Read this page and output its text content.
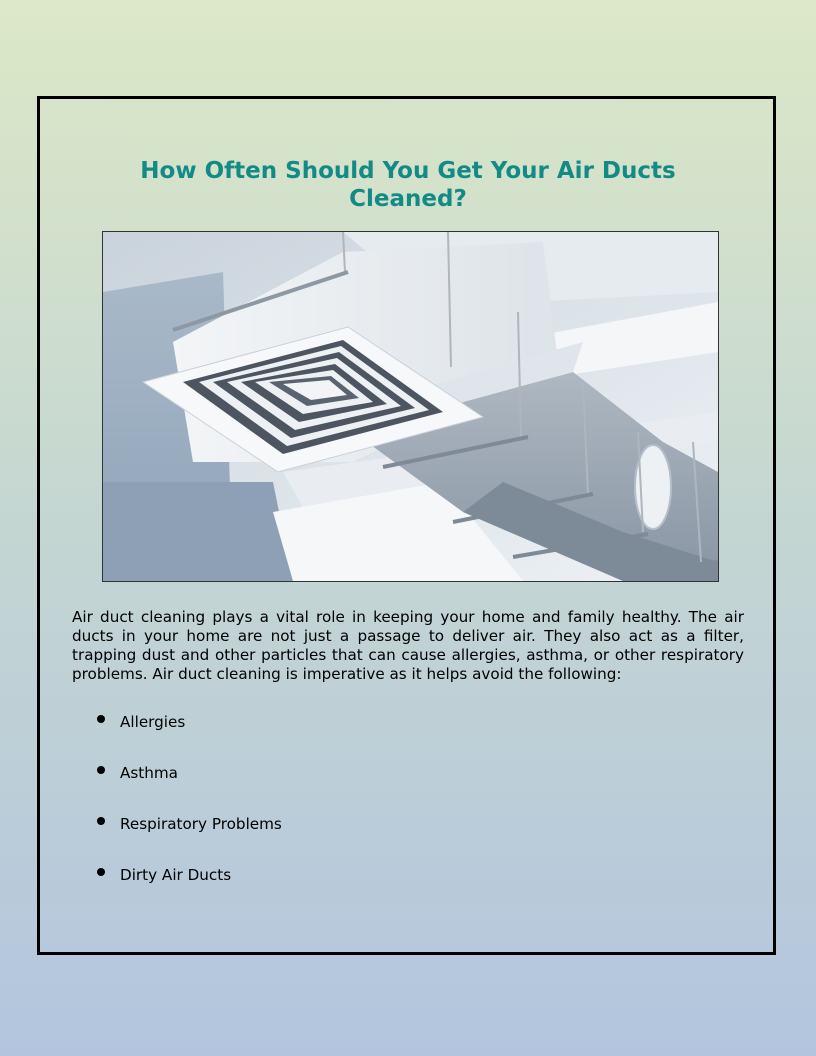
How Often Should You Get Your Air Ducts Cleaned?

Air duct cleaning plays a vital role in keeping your home and family healthy. The air ducts in your home are not just a passage to deliver air. They also act as a filter, trapping dust and other particles that can cause allergies, asthma, or other respiratory problems. Air duct cleaning is imperative as it helps avoid the following:

Allergies
Asthma
Respiratory Problems
Dirty Air Ducts
